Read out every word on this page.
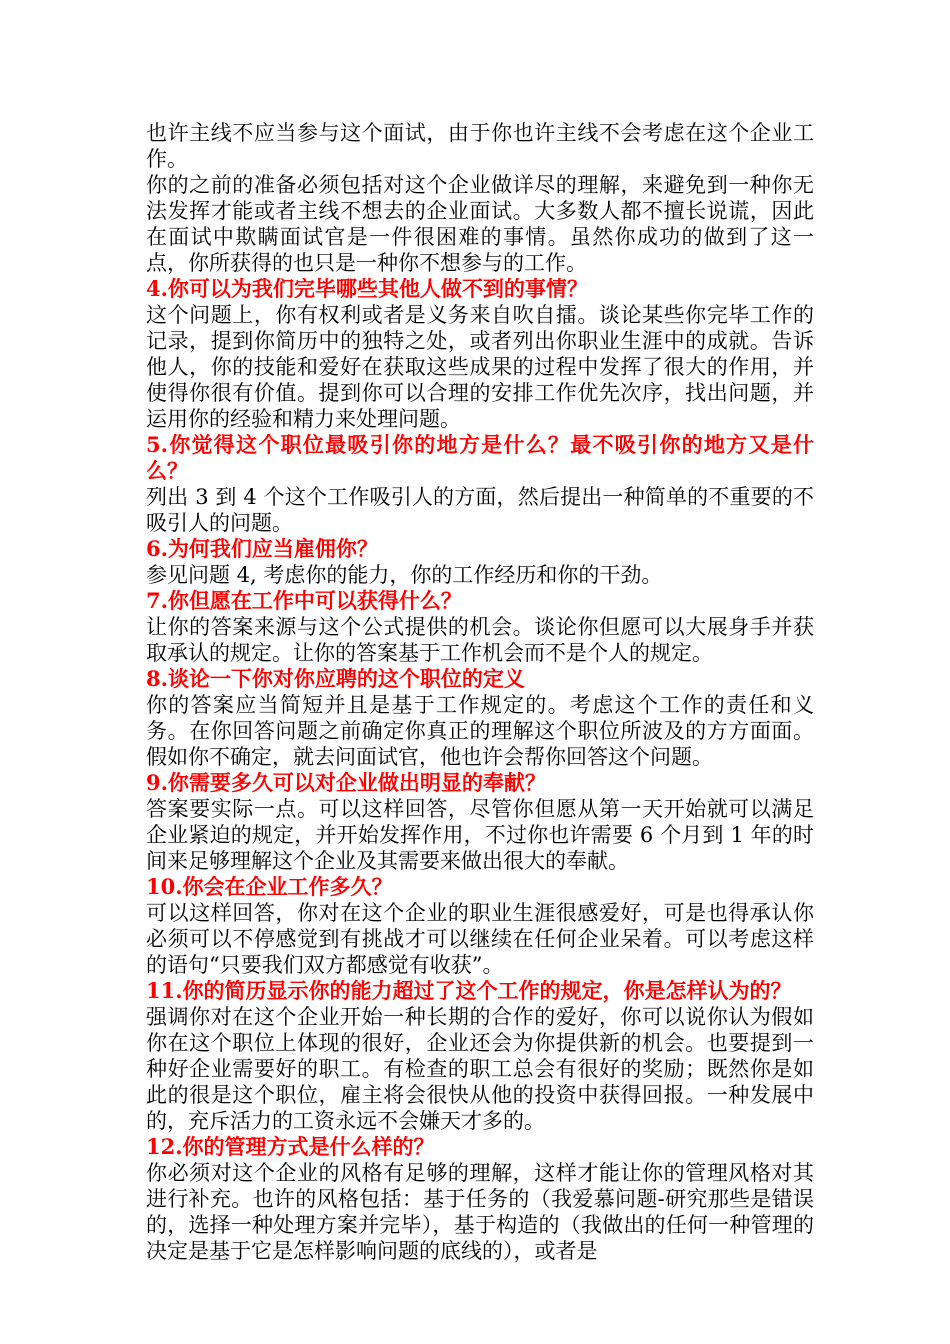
也许主线不应当参与这个面试，由于你也许主线不会考虑在这个企业工作。

你的之前的准备必须包括对这个企业做详尽的理解，来避免到一种你无法发挥才能或者主线不想去的企业面试。大多数人都不擅长说谎，因此在面试中欺瞒面试官是一件很困难的事情。虽然你成功的做到了这一点，你所获得的也只是一种你不想参与的工作。

4.你可以为我们完毕哪些其他人做不到的事情？

这个问题上，你有权利或者是义务来自吹自擂。谈论某些你完毕工作的记录，提到你简历中的独特之处，或者列出你职业生涯中的成就。告诉他人，你的技能和爱好在获取这些成果的过程中发挥了很大的作用，并使得你很有价值。提到你可以合理的安排工作优先次序，找出问题，并运用你的经验和精力来处理问题。

5.你觉得这个职位最吸引你的地方是什么？最不吸引你的地方又是什么？

列出 3 到 4 个这个工作吸引人的方面，然后提出一种简单的不重要的不吸引人的问题。

6.为何我们应当雇佣你？

参见问题 4, 考虑你的能力，你的工作经历和你的干劲。

7.你但愿在工作中可以获得什么？

让你的答案来源与这个公式提供的机会。谈论你但愿可以大展身手并获取承认的规定。让你的答案基于工作机会而不是个人的规定。

8.谈论一下你对你应聘的这个职位的定义

你的答案应当简短并且是基于工作规定的。考虑这个工作的责任和义务。在你回答问题之前确定你真正的理解这个职位所波及的方方面面。假如你不确定，就去问面试官，他也许会帮你回答这个问题。

9.你需要多久可以对企业做出明显的奉献？

答案要实际一点。可以这样回答，尽管你但愿从第一天开始就可以满足企业紧迫的规定，并开始发挥作用，不过你也许需要 6 个月到 1 年的时间来足够理解这个企业及其需要来做出很大的奉献。

10.你会在企业工作多久？

可以这样回答，你对在这个企业的职业生涯很感爱好，可是也得承认你必须可以不停感觉到有挑战才可以继续在任何企业呆着。可以考虑这样的语句“只要我们双方都感觉有收获”。

11.你的简历显示你的能力超过了这个工作的规定，你是怎样认为的？

强调你对在这个企业开始一种长期的合作的爱好，你可以说你认为假如你在这个职位上体现的很好，企业还会为你提供新的机会。也要提到一种好企业需要好的职工。有检查的职工总会有很好的奖励；既然你是如此的很是这个职位，雇主将会很快从他的投资中获得回报。一种发展中的，充斥活力的工资永远不会嫌天才多的。

12.你的管理方式是什么样的？

你必须对这个企业的风格有足够的理解，这样才能让你的管理风格对其进行补充。也许的风格包括：基于任务的（我爱慕问题-研究那些是错误的，选择一种处理方案并完毕），基于构造的（我做出的任何一种管理的决定是基于它是怎样影响问题的底线的），或者是
